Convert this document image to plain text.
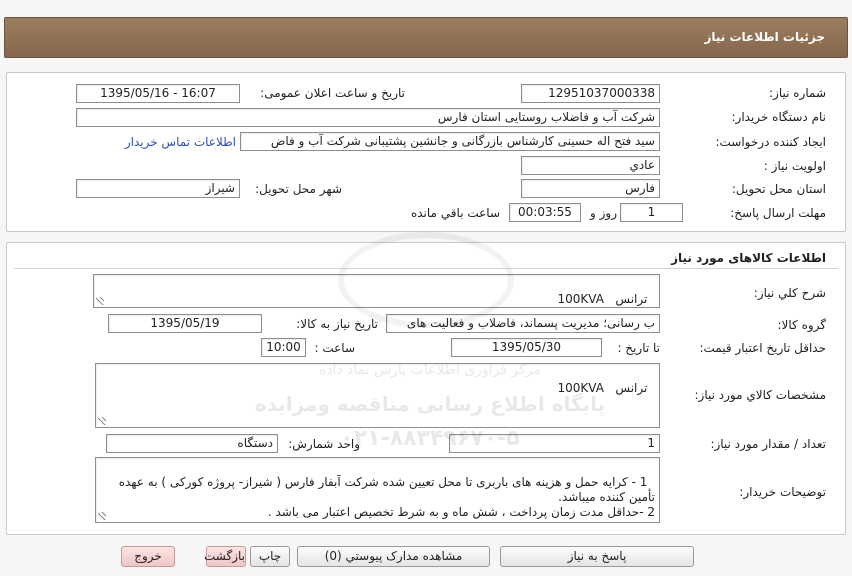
جزئیات اطلاعات نیاز
شماره نیاز:
12951037000338
تاریخ و ساعت اعلان عمومی:
1395/05/16 - 16:07
نام دستگاه خریدار:
شرکت آب و فاضلاب روستایی استان فارس
ایجاد کننده درخواست:
سید فتح اله حسینی کارشناس بازرگانی و جانشین پشتیبانی شرکت آب و فاض
اطلاعات تماس خریدار
اولویت نیاز :
عادي
استان محل تحویل:
فارس
شهر محل تحویل:
شیراز
مهلت ارسال پاسخ:
1
روز و
00:03:55
ساعت باقي مانده
اطلاعات کالاهای مورد نیاز
شرح کلي نیاز:

ترانس   100KVA

گروه کالا:
ب رسانی؛ مدیریت پسماند، فاضلاب و فعالیت های
تاریخ نیاز به کالا:
1395/05/19
حداقل تاریخ اعتبار قیمت:
تا تاریخ :
1395/05/30
ساعت :
10:00
مشخصات کالاي مورد نیاز:

ترانس   100KVA

تعداد / مقدار مورد نیاز:
1
واحد شمارش:
دستگاه
توضیحات خریدار:

1 - کرایه حمل و هزینه های باربری تا محل تعیین شده شرکت آبفار فارس ( شیراز- پروژه کورکی ) به عهده تأمین کننده میباشد.
2 -حداقل مدت زمان پرداخت ، شش ماه و به شرط تخصیص اعتبار می باشد .

پاسخ به نیاز
مشاهده مدارک پیوستي (0)
چاپ
بازگشت
خروج
